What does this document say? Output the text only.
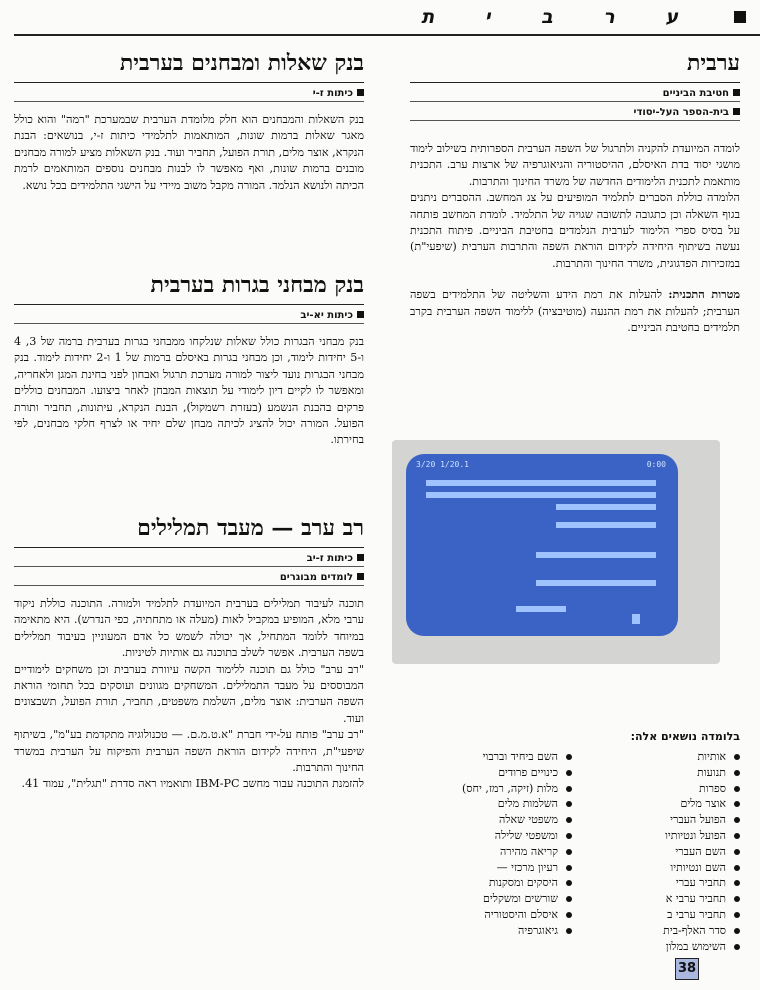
ע ר ב י ת
ערבית
חטיבת הביניים
בית-הספר העל-יסודי

לומדה המיועדת להקניה ולתרגול של השפה הערבית הספרותית בשילוב לימוד מושגי יסוד בדת האיסלם, ההיסטוריה והגיאוגרפיה של ארצות ערב. התכנית מותאמת לתכנית הלימודים החדשה של משרד החינוך והתרבות.

הלומדה כוללת הסברים לתלמיד המופיעים על צג המחשב. ההסברים ניתנים בגוף השאלה וכן כתגובה לתשובה שגויה של התלמיד. לומדת המחשב פותחה על בסיס ספרי הלימוד לערבית הנלמדים בחטיבת הביניים. פיתוח התכנית נעשה בשיתוף היחידה לקידום הוראת השפה והתרבות הערבית (שיפעי"ת) במזכירות הפדגוגית, משרד החינוך והתרבות.

מטרות התכנית: להעלות את רמת הידע והשליטה של התלמידים בשפה הערבית; להעלות את רמת ההנעה (מוטיבציה) ללימוד השפה הערבית בקרב תלמידים בחטיבת הביניים.

3/20 1/20.1	0:00
בלומדה נושאים אלה:
אותיות
תנועות
ספרות
אוצר מלים
הפועל העברי
הפועל ונטיותיו
השם העברי
השם ונטיותיו
תחביר עברי
תחביר ערבי א
תחביר ערבי ב
סדר האלף-בית
השימוש במלון
השם ביחיד וברבוי
כינויים פרודים
מלות (זיקה, רמז, יחס)
השלמות מלים
משפטי שאלה
ומשפטי שלילה
קריאה מהירה
רעיון מרכזי —
היסקים ומסקנות
שורשים ומשקלים
איסלם והיסטוריה
גיאוגרפיה
בנק שאלות ומבחנים בערבית
כיתות ז-י
בנק השאלות והמבחנים הוא חלק מלומדת הערבית שבמערכת "רמה" והוא כולל מאגר שאלות ברמות שונות, המותאמות לתלמידי כיתות ז-י, בנושאים: הבנת הנקרא, אוצר מלים, תורת הפועל, תחביר ועוד. בנק השאלות מציע למורה מבחנים מובנים ברמות שונות, ואף מאפשר לו לבנות מבחנים נוספים המותאמים לרמת הכיתה ולנושא הנלמד. המורה מקבל משוב מיידי על הישגי התלמידים בכל נושא.
בנק מבחני בגרות בערבית
כיתות יא-יב
בנק מבחני הבגרות כולל שאלות שנלקחו ממבחני בגרות בערבית ברמה של 3, 4 ו-5 יחידות לימוד, וכן מבחני בגרות באיסלם ברמות של 1 ו-2 יחידות לימוד. בנק מבחני הבגרות נועד ליצור למורה מערכת תרגול ואבחון לפני בחינת המגן ולאחריה, ומאפשר לו לקיים דיון לימודי על תוצאות המבחן לאחר ביצועו. המבחנים כוללים פרקים בהבנת הנשמע (בעזרת רשמקול), הבנת הנקרא, עיתונות, תחביר ותורת הפועל. המורה יכול להציג לכיתה מבחן שלם יחיד או לצרף חלקי מבחנים, לפי בחירתו.
רב ערב — מעבד תמלילים
כיתות ז-יב
לומדים מבוגרים

תוכנה לעיבוד תמלילים בערבית המיועדת לתלמיד ולמורה. התוכנה כוללת ניקוד ערבי מלא, המופיע במקביל לאות (מעלה או מתחתיה, כפי הנדרש). היא מתאימה במיוחד ללומד המתחיל, אך יכולה לשמש כל אדם המעוניין בעיבוד תמלילים בשפה הערבית. אפשר לשלב בתוכנה גם אותיות לטיניות.

"רב ערב" כולל גם תוכנה ללימוד הקשה עיוורת בערבית וכן משחקים לימודיים המבוססים על מעבד התמלילים. המשחקים מגוונים ועוסקים בכל תחומי הוראת השפה הערבית: אוצר מלים, השלמת משפטים, תחביר, תורת הפועל, תשבצונים ועוד.

"רב ערב" פותח על-ידי חברת "א.ט.מ.ם. — טכנולוגיה מתקדמת בע"מ", בשיתוף שיפעי"ת, היחידה לקידום הוראת השפה הערבית והפיקוח על הערבית במשרד החינוך והתרבות.

להזמנת התוכנה עבור מחשב IBM-PC ותואמיו ראה סדרת "תגלית", עמוד 41.

38
